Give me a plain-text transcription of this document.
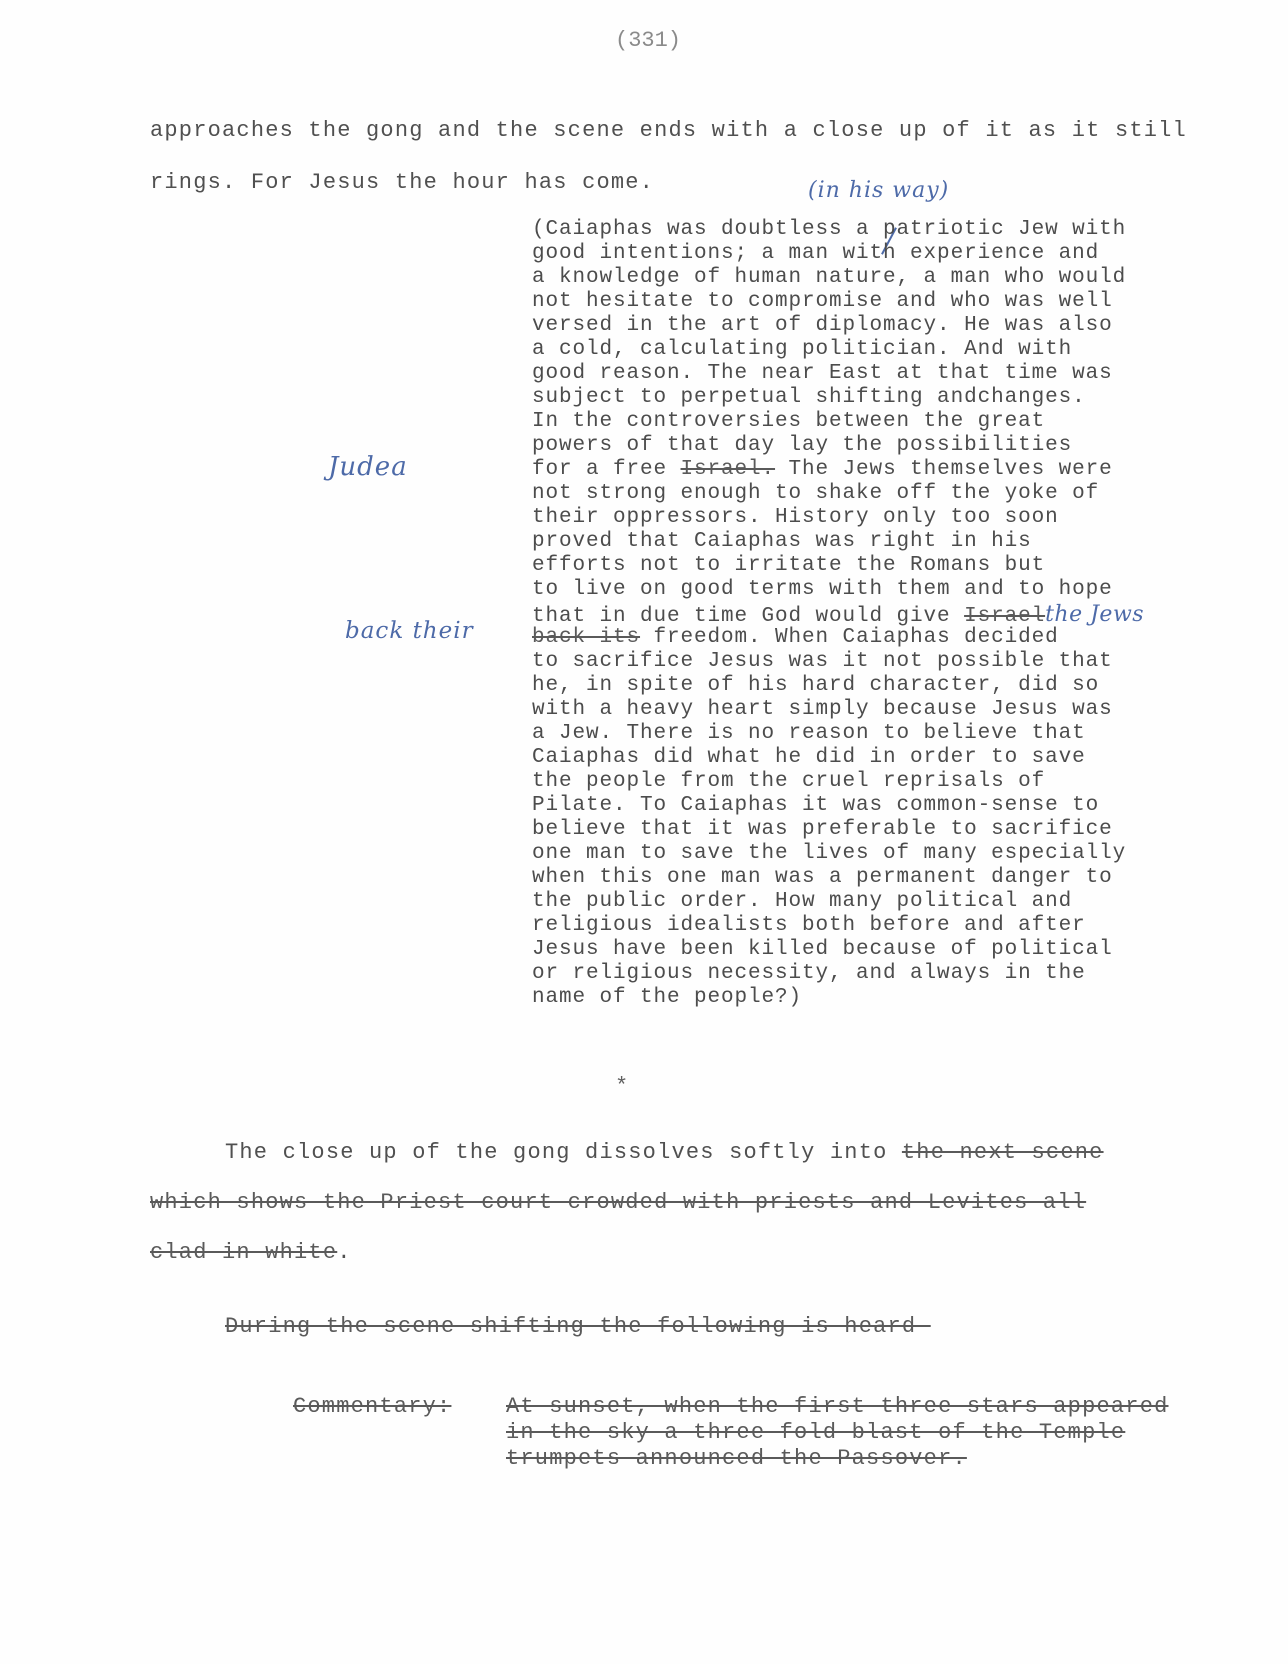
(331)
approaches the gong and the scene ends with a close up of it as it still
rings. For Jesus the hour has come.	(in his way)
Judea
back their
(Caiaphas was doubtless a patriotic Jew with
good intentions; a man with experience and
a knowledge of human nature, a man who would
not hesitate to compromise and who was well
versed in the art of diplomacy. He was also
a cold, calculating politician. And with
good reason. The near East at that time was
subject to perpetual shifting andchanges.
In the controversies between the great
powers of that day lay the possibilities
for a free Israel. The Jews themselves were
not strong enough to shake off the yoke of
their oppressors. History only too soon
proved that Caiaphas was right in his
efforts not to irritate the Romans but
to live on good terms with them and to hope
that in due time God would give Israelthe Jews
back its freedom. When Caiaphas decided
to sacrifice Jesus was it not possible that
he, in spite of his hard character, did so
with a heavy heart simply because Jesus was
a Jew. There is no reason to believe that
Caiaphas did what he did in order to save
the people from the cruel reprisals of
Pilate. To Caiaphas it was common-sense to
believe that it was preferable to sacrifice
one man to save the lives of many especially
when this one man was a permanent danger to
the public order. How many political and
religious idealists both before and after
Jesus have been killed because of political
or religious necessity, and always in the
name of the people?)
*
The close up of the gong dissolves softly into the next scene
which shows the Priest court crowded with priests and Levites all
clad in white.
During the scene-shifting the following is heard-
Commentary: At sunset, when the first three stars appeared
in the sky a three-fold blast of the Temple
trumpets announced the Passover.
